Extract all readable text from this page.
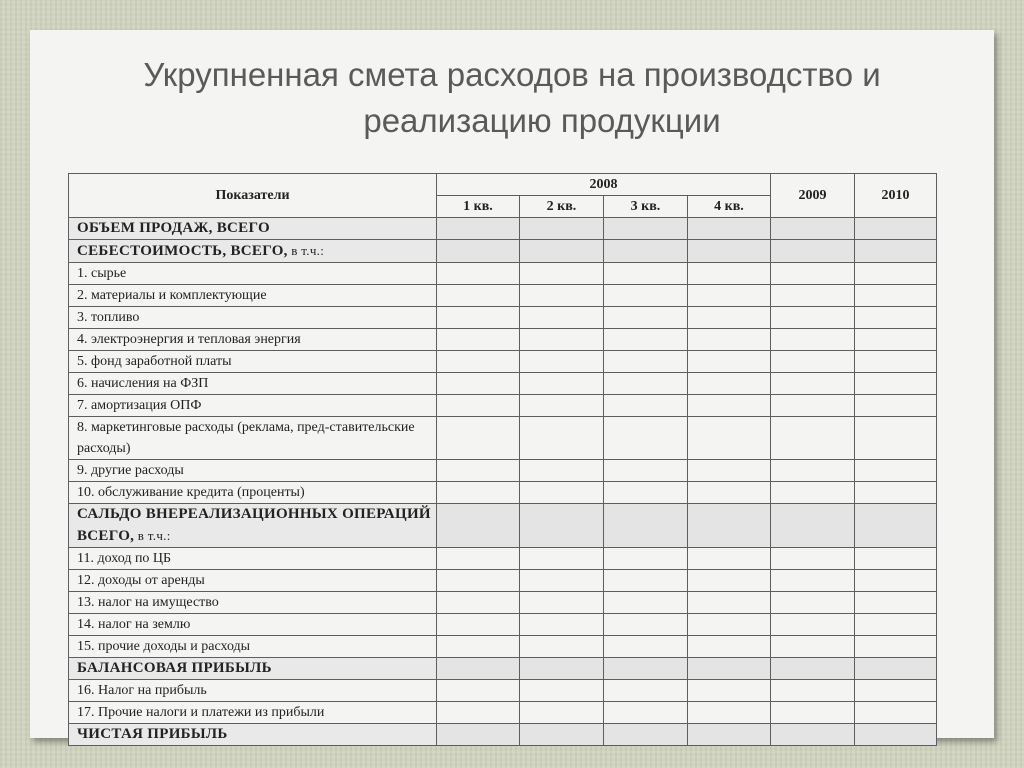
Укрупненная смета расходов на производство и
реализацию продукции
Показатели	2008				2009	2010
	1 кв.	2 кв.	3 кв.	4 кв.		
ОБЪЕМ ПРОДАЖ, ВСЕГО						
СЕБЕСТОИМОСТЬ, ВСЕГО, в т.ч.:						
1. сырье						
2. материалы и комплектующие						
3. топливо						
4. электроэнергия и тепловая энергия						
5. фонд заработной платы						
6. начисления на ФЗП						
7. амортизация ОПФ						
8. маркетинговые расходы (реклама, пред-ставительские расходы)						
9. другие расходы						
10. обслуживание кредита (проценты)						
САЛЬДО ВНЕРЕАЛИЗАЦИОННЫХ ОПЕРАЦИЙ ВСЕГО, в т.ч.:						
11. доход по ЦБ						
12. доходы от аренды						
13. налог на имущество						
14. налог на землю						
15. прочие доходы и расходы						
БАЛАНСОВАЯ ПРИБЫЛЬ						
16. Налог на прибыль						
17. Прочие налоги и платежи из прибыли						
ЧИСТАЯ ПРИБЫЛЬ						
